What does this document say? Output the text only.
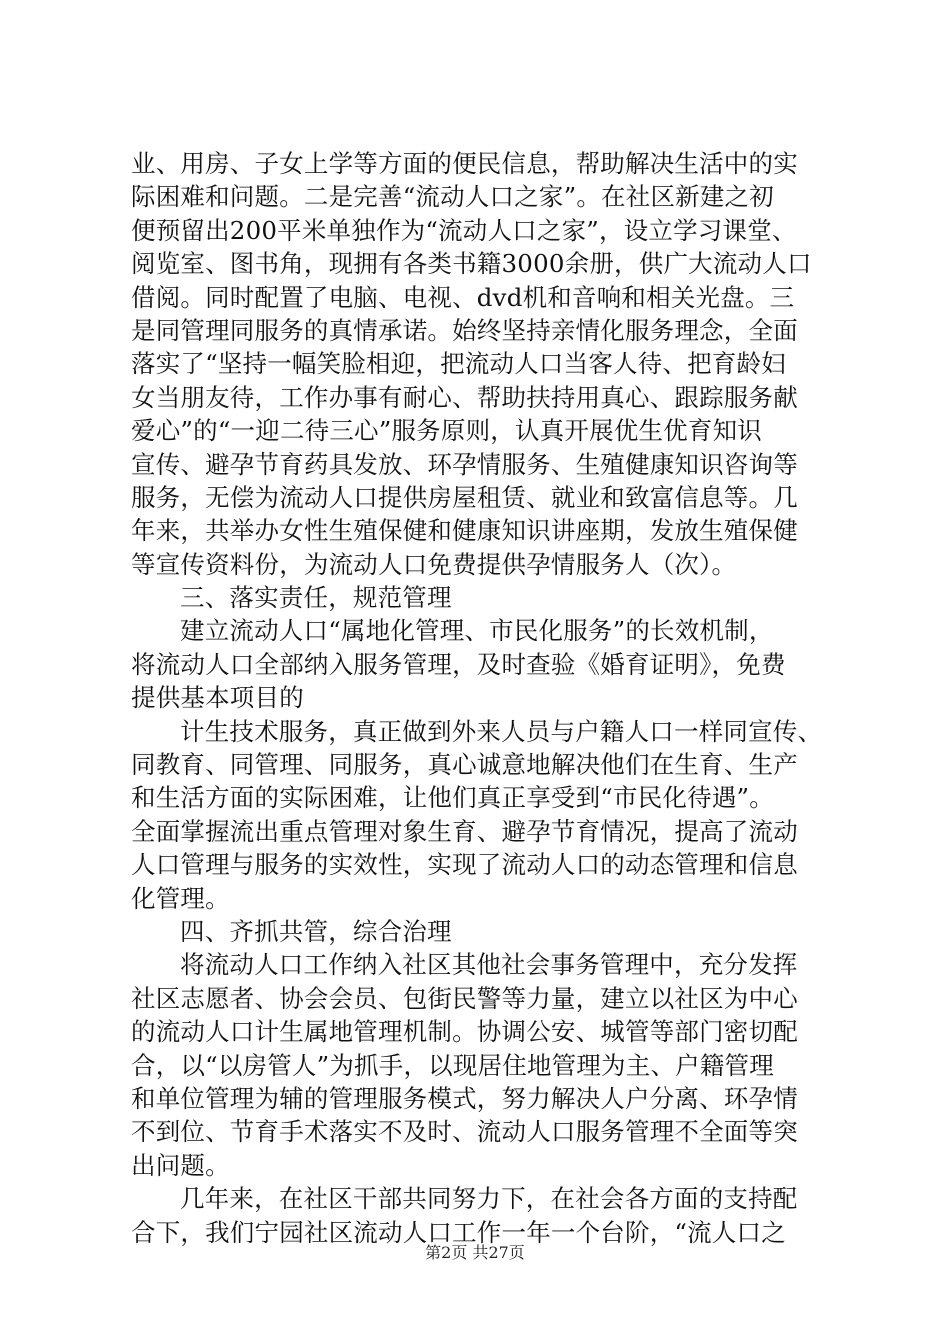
业、用房、子女上学等方面的便民信息，帮助解决生活中的实
际困难和问题。二是完善“流动人口之家”。在社区新建之初
便预留出200平米单独作为“流动人口之家”，设立学习课堂、
阅览室、图书角，现拥有各类书籍3000余册，供广大流动人口
借阅。同时配置了电脑、电视、dvd机和音响和相关光盘。三
是同管理同服务的真情承诺。始终坚持亲情化服务理念，全面
落实了“坚持一幅笑脸相迎，把流动人口当客人待、把育龄妇
女当朋友待，工作办事有耐心、帮助扶持用真心、跟踪服务献
爱心”的“一迎二待三心”服务原则，认真开展优生优育知识
宣传、避孕节育药具发放、环孕情服务、生殖健康知识咨询等
服务，无偿为流动人口提供房屋租赁、就业和致富信息等。几
年来，共举办女性生殖保健和健康知识讲座期，发放生殖保健
等宣传资料份，为流动人口免费提供孕情服务人（次）。
三、落实责任，规范管理
建立流动人口“属地化管理、市民化服务”的长效机制，
将流动人口全部纳入服务管理，及时查验《婚育证明》，免费
提供基本项目的
计生技术服务，真正做到外来人员与户籍人口一样同宣传、
同教育、同管理、同服务，真心诚意地解决他们在生育、生产
和生活方面的实际困难，让他们真正享受到“市民化待遇”。
全面掌握流出重点管理对象生育、避孕节育情况，提高了流动
人口管理与服务的实效性，实现了流动人口的动态管理和信息
化管理。
四、齐抓共管，综合治理
将流动人口工作纳入社区其他社会事务管理中，充分发挥
社区志愿者、协会会员、包街民警等力量，建立以社区为中心
的流动人口计生属地管理机制。协调公安、城管等部门密切配
合，以“以房管人”为抓手，以现居住地管理为主、户籍管理
和单位管理为辅的管理服务模式，努力解决人户分离、环孕情
不到位、节育手术落实不及时、流动人口服务管理不全面等突
出问题。
几年来，在社区干部共同努力下，在社会各方面的支持配
合下，我们宁园社区流动人口工作一年一个台阶，“流人口之
第2页 共27页
